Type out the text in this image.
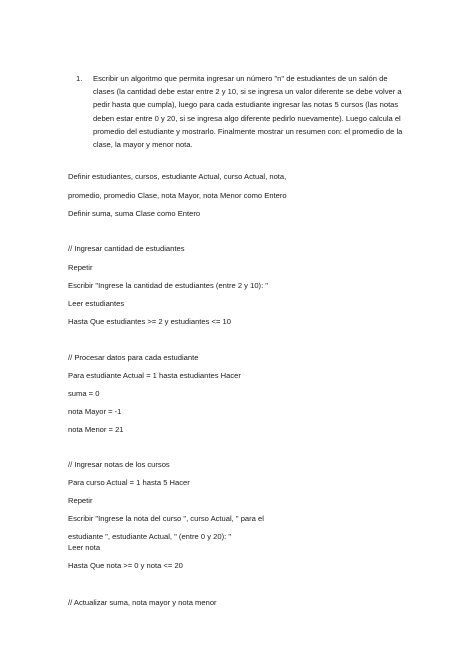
1.	Escribir un algoritmo que permita ingresar un número "n" de estudiantes de un salón de clases (la cantidad debe estar entre 2 y 10, si se ingresa un valor diferente se debe volver a pedir hasta que cumpla), luego para cada estudiante ingresar las notas 5 cursos (las notas deben estar entre 0 y 20, si se ingresa algo diferente pedirlo nuevamente). Luego calcula el promedio del estudiante y mostrarlo. Finalmente mostrar un resumen con: el promedio de la clase, la mayor y menor nota.
Definir estudiantes, cursos, estudiante Actual, curso Actual, nota,
promedio, promedio Clase, nota Mayor, nota Menor como Entero
Definir suma, suma Clase como Entero
// Ingresar cantidad de estudiantes
Repetir
Escribir "Ingrese la cantidad de estudiantes (entre 2 y 10): "
Leer estudiantes
Hasta Que estudiantes >= 2 y estudiantes <= 10
// Procesar datos para cada estudiante
Para estudiante Actual = 1 hasta estudiantes Hacer
suma = 0
nota Mayor = -1
nota Menor = 21
// Ingresar notas de los cursos
Para curso Actual = 1 hasta 5 Hacer
Repetir
Escribir "Ingrese la nota del curso ", curso Actual, " para el
estudiante ", estudiante Actual, " (entre 0 y 20): "
Leer nota
Hasta Que nota >= 0 y nota <= 20
// Actualizar suma, nota mayor y nota menor
